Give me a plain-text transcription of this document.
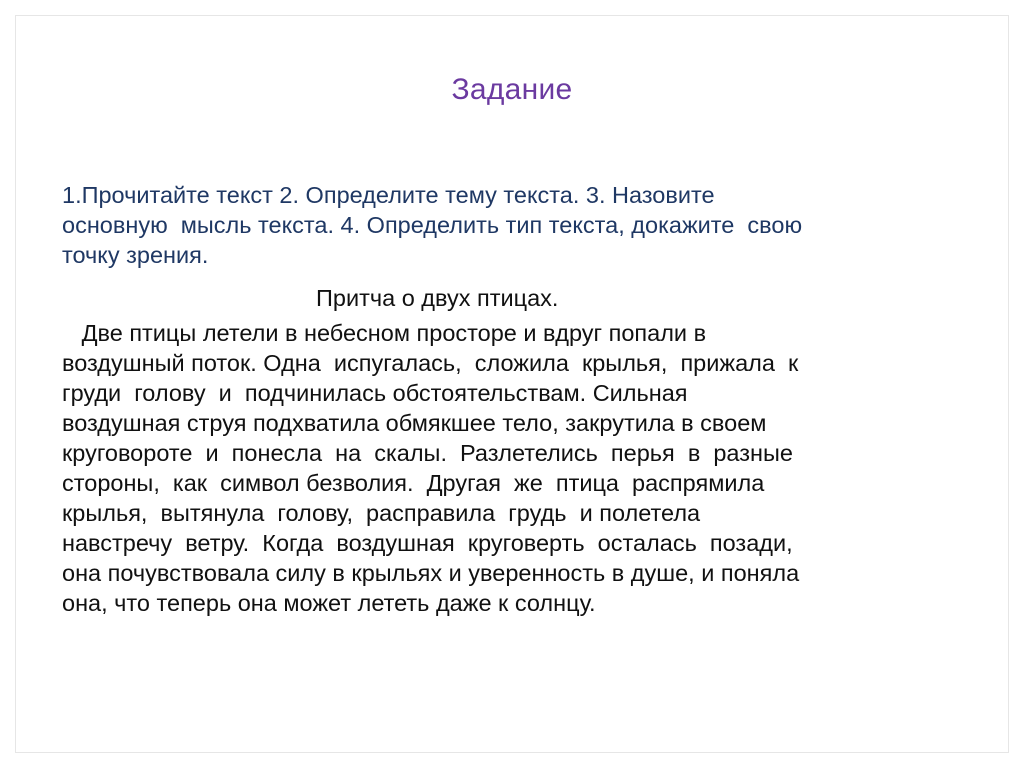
Задание
1.Прочитайте текст 2. Определите тему текста. 3. Назовите
основную  мысль текста. 4. Определить тип текста, докажите  свою
точку зрения.
Притча о двух птицах.
Две птицы летели в небесном просторе и вдруг попали в
воздушный поток. Одна  испугалась,  сложила  крылья,  прижала  к
груди  голову  и  подчинилась обстоятельствам. Сильная
воздушная струя подхватила обмякшее тело, закрутила в своем
круговороте  и  понесла  на  скалы.  Разлетелись  перья  в  разные
стороны,  как  символ безволия.  Другая  же  птица  распрямила
крылья,  вытянула  голову,  расправила  грудь  и полетела
навстречу  ветру.  Когда  воздушная  круговерть  осталась  позади,
она почувствовала силу в крыльях и уверенность в душе, и поняла
она, что теперь она может лететь даже к солнцу.
